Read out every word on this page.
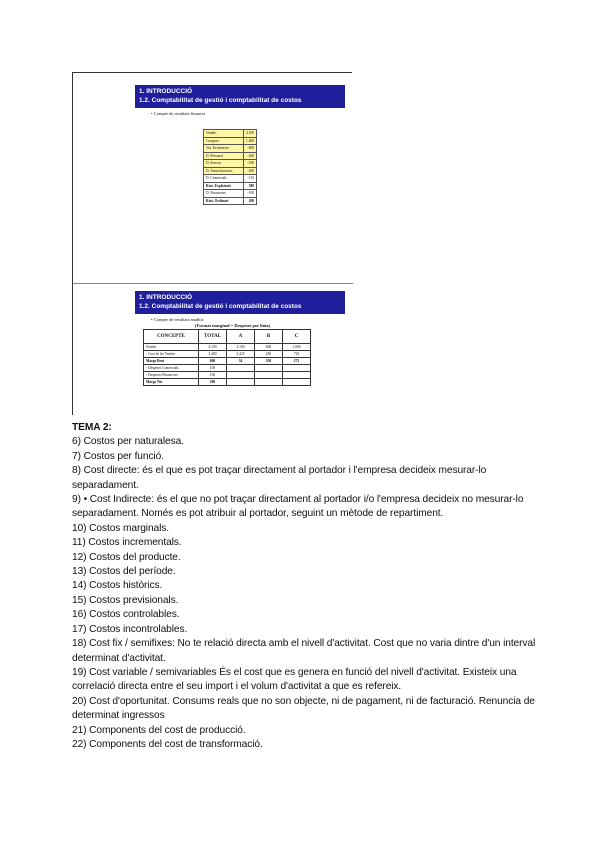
1. INTRODUCCIÓ
1.2. Comptabilitat de gestió i comptabilitat de costos
• Compte de resultats financer
Vendes	4.100
Compres	1.400
Var. Existències	-600
D. Personal	-260
D. Serveis	-180
D. Amortitzacions	-200
D. Comercials	-110
Rtat. Explotació	580
D. Financeres	-100
Rtat. Ordinari	200
1. INTRODUCCIÓ
1.2. Comptabilitat de gestió i comptabilitat de costos
• Compte de resultats analític
(Format marginal = Despeses per línia)
CONCEPTE	TOTAL	A	B	C
Vendes	4.100	2.100	600	1.000
- Cost de les Vendes	3.400	2.425	250	725
Marge Brut	600	34	350	275
- Despeses Comercials	100			
- Despeses Financeres	100			
Marge Net	200			

TEMA 2:

6) Costos per naturalesa.

7) Costos per funció.

8) Cost directe: és el que es pot traçar directament al portador i l'empresa decideix mesurar-lo separadament.

9) • Cost Indirecte: és el que no pot traçar directament al portador i/o l'empresa decideix no mesurar-lo separadament. Només es pot atribuir al portador, seguint un mètode de repartiment.

10) Costos marginals.

11) Costos incrementals.

12) Costos del producte.

13) Costos del període.

14) Costos històrics.

15) Costos previsionals.

16) Costos controlables.

17) Costos incontrolables.

18) Cost fix / semifixes: No te relació directa amb el nivell d'activitat. Cost que no varia dintre d'un interval determinat d'activitat.

19) Cost variable / semivariables És el cost que es genera en funció del nivell d'activitat. Existeix una correlació directa entre el seu import i el volum d'activitat a que es refereix.

20) Cost d'oportunitat. Consums reals que no son objecte, ni de pagament, ni de facturació. Renuncia de determinat ingressos

21) Components del cost de producció.

22) Components del cost de transformació.
